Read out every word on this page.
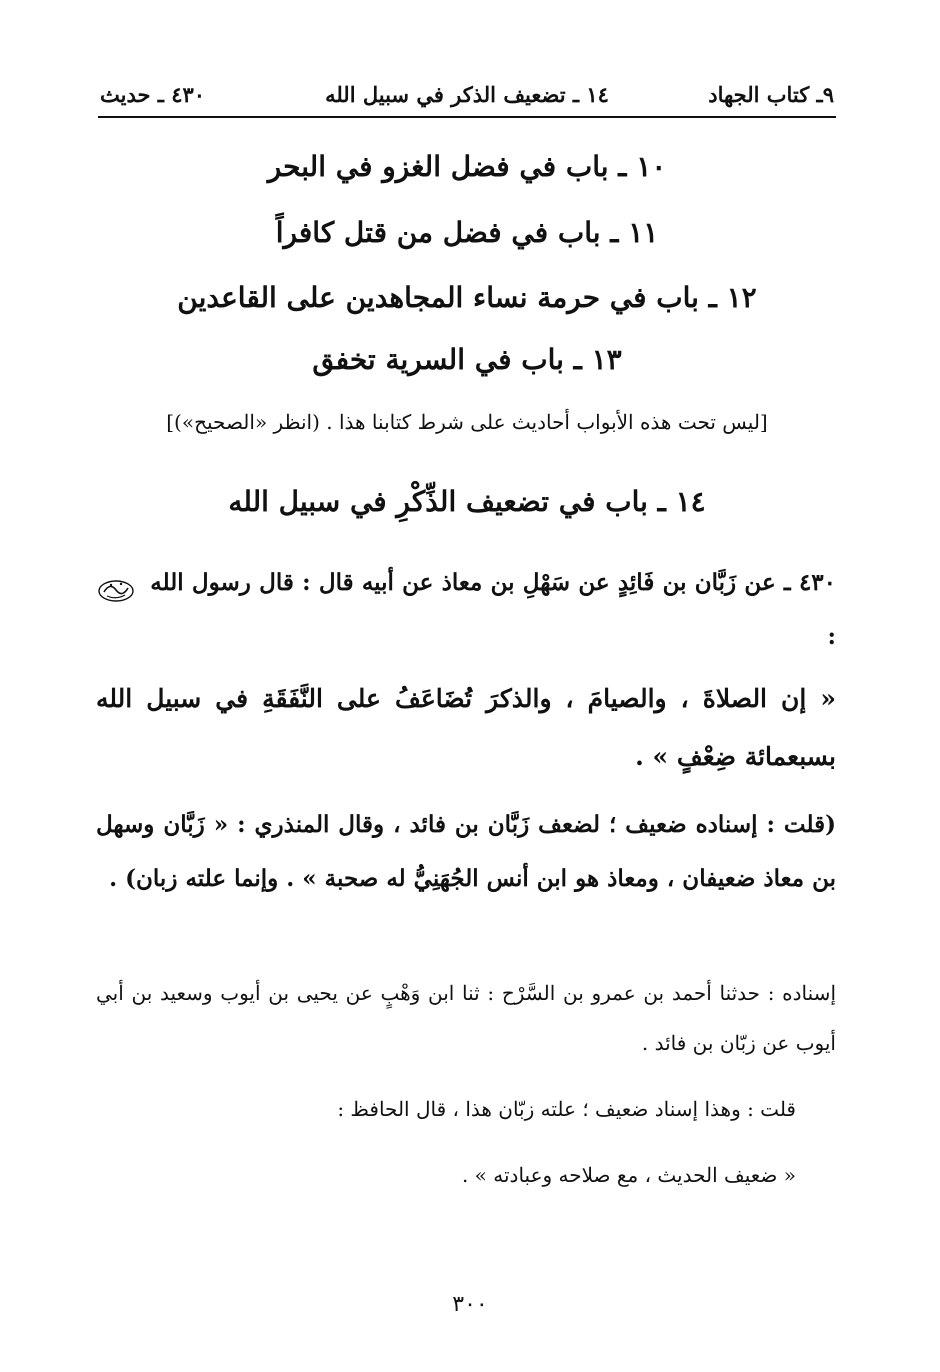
٩ـ كتاب الجهاد
١٤ ـ تضعيف الذكر في سبيل الله
٤٣٠ ـ حديث
١٠ ـ باب في فضل الغزو في البحر
١١ ـ باب في فضل من قتل كافراً
١٢ ـ باب في حرمة نساء المجاهدين على القاعدين
١٣ ـ باب في السرية تخفق
[ليس تحت هذه الأبواب أحاديث على شرط كتابنا هذا . (انظر «الصحيح»)]
١٤ ـ باب في تضعيف الذِّكْرِ في سبيل الله
٤٣٠ ـ عن زَبَّان بن فَائِدٍ عن سَهْلِ بن معاذ عن أبيه قال : قال رسول الله  :
« إن الصلاةَ ، والصيامَ ، والذكرَ تُضَاعَفُ على النَّفَقَةِ في سبيل الله بسبعمائة ضِعْفٍ » .
(قلت : إسناده ضعيف ؛ لضعف زَبَّان بن فائد ، وقال المنذري : « زَبَّان وسهل بن معاذ ضعيفان ، ومعاذ هو ابن أنس الجُهَنِيُّ له صحبة » . وإنما علته زبان) .
إسناده : حدثنا أحمد بن عمرو بن السَّرْح : ثنا ابن وَهْبٍ عن يحيى بن أيوب وسعيد بن أبي أيوب عن زبّان بن فائد .
قلت : وهذا إسناد ضعيف ؛ علته زبّان هذا ، قال الحافظ :
« ضعيف الحديث ، مع صلاحه وعبادته » .
٣٠٠
